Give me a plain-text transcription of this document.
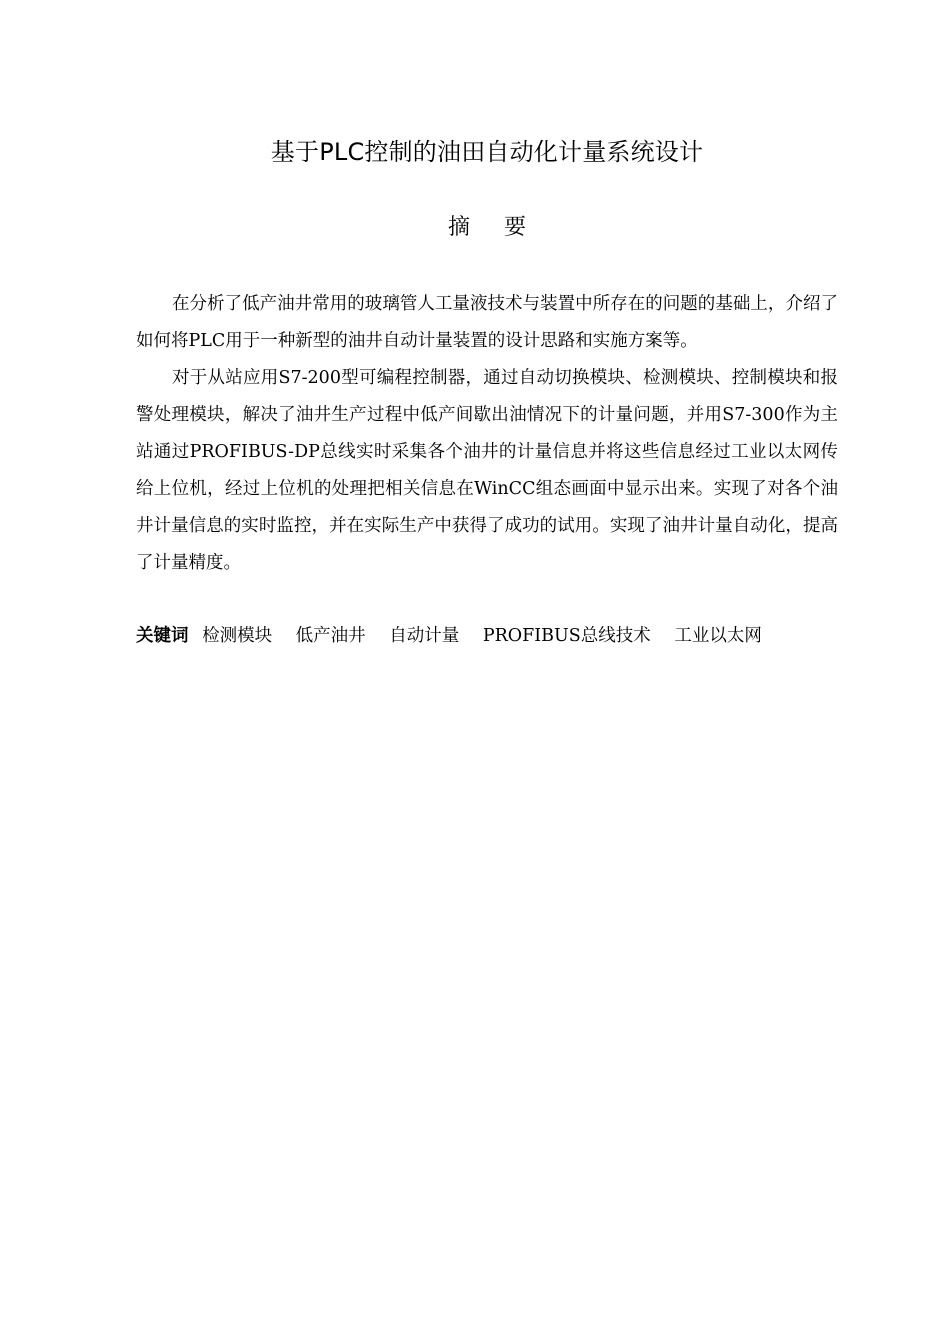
基于PLC控制的油田自动化计量系统设计
摘要

在分析了低产油井常用的玻璃管人工量液技术与装置中所存在的问题的基础上，介绍了如何将PLC用于一种新型的油井自动计量装置的设计思路和实施方案等。

对于从站应用S7-200型可编程控制器，通过自动切换模块、检测模块、控制模块和报警处理模块，解决了油井生产过程中低产间歇出油情况下的计量问题，并用S7-300作为主站通过PROFIBUS-DP总线实时采集各个油井的计量信息并将这些信息经过工业以太网传给上位机，经过上位机的处理把相关信息在WinCC组态画面中显示出来。实现了对各个油井计量信息的实时监控，并在实际生产中获得了成功的试用。实现了油井计量自动化，提高了计量精度。

关键词 检测模块 低产油井 自动计量 PROFIBUS总线技术 工业以太网
